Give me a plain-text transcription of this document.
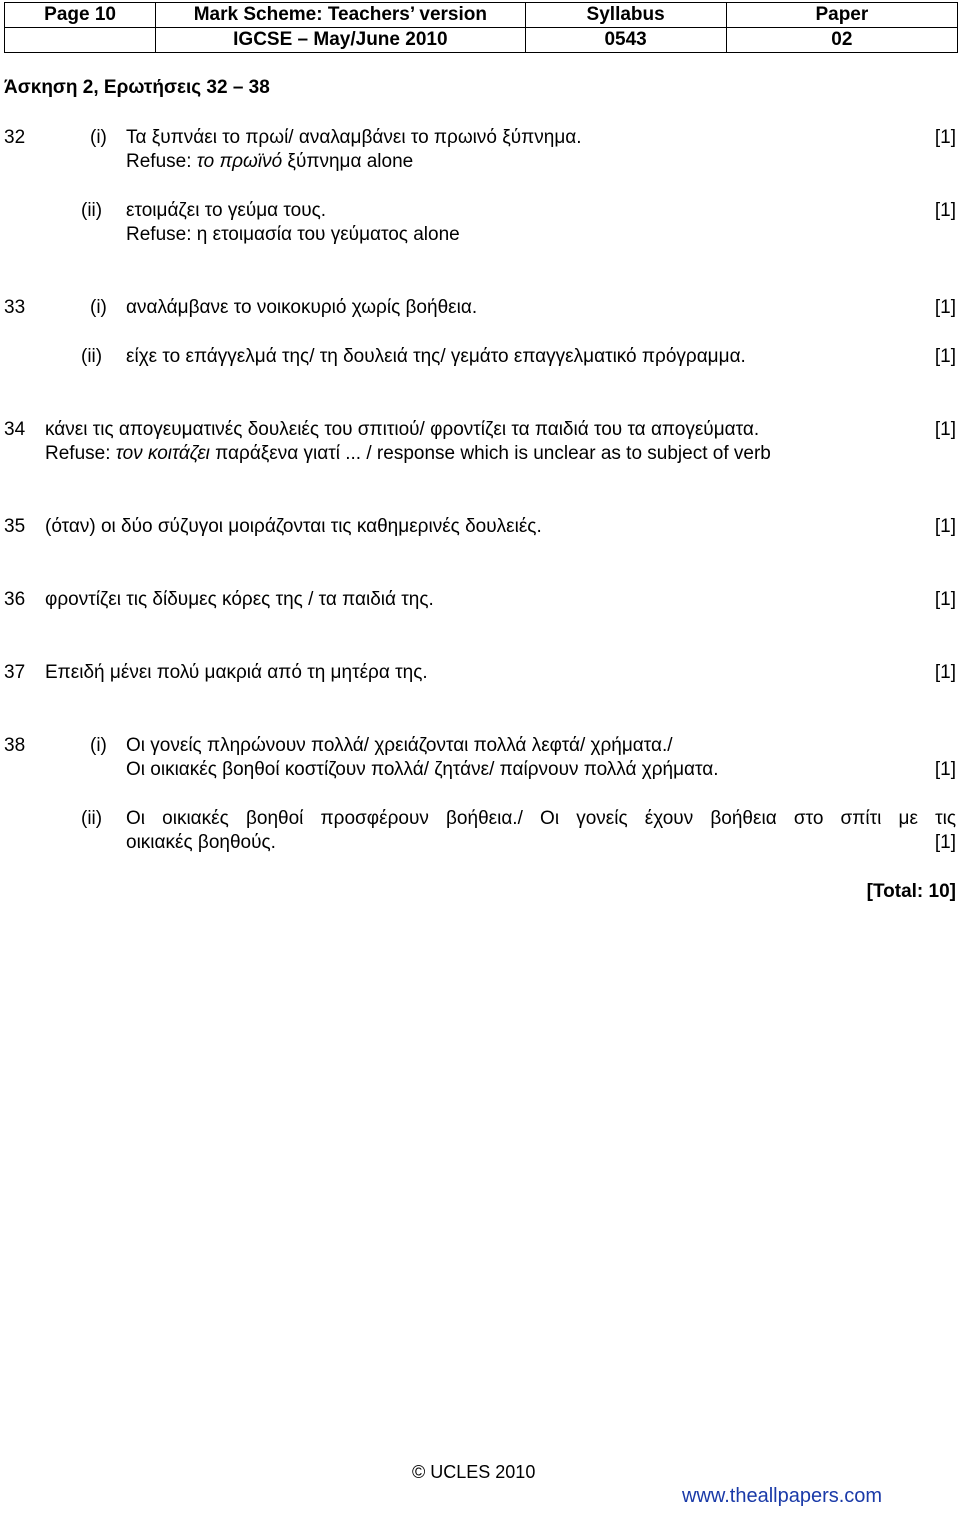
Page 10	Mark Scheme: Teachers’ version	Syllabus	Paper
	IGCSE – May/June 2010	0543	02
Άσκηση 2, Ερωτήσεις 32 – 38
32	(i) Τα ξυπνάει το πρωί/ αναλαμβάνει το πρωινό ξύπνημα.	[1]
Refuse: το πρωϊνό ξύπνημα alone
(ii) ετοιμάζει το γεύμα τους.	[1]
Refuse: η ετοιμασία του γεύματος alone
33	(i) αναλάμβανε το νοικοκυριό χωρίς βοήθεια.	[1]
(ii) είχε το επάγγελμά της/ τη δουλειά της/ γεμάτο επαγγελματικό πρόγραμμα.	[1]
34 κάνει τις απογευματινές δουλειές του σπιτιού/ φροντίζει τα παιδιά του τα απογεύματα.	[1]
Refuse: τον κοιτάζει παράξενα γιατί ... / response which is unclear as to subject of verb
35 (όταν) οι δύο σύζυγοι μοιράζονται τις καθημερινές δουλειές.	[1]
36 φροντίζει τις δίδυμες κόρες της / τα παιδιά της.	[1]
37 Επειδή μένει πολύ μακριά από τη μητέρα της.	[1]
38	(i) Οι γονείς πληρώνουν πολλά/ χρειάζονται πολλά λεφτά/ χρήματα./
Οι οικιακές βοηθοί κοστίζουν πολλά/ ζητάνε/ παίρνουν πολλά χρήματα.	[1]
(ii) Οι οικιακές βοηθοί προσφέρουν βοήθεια./ Οι γονείς έχουν βοήθεια στο σπίτι με τις
οικιακές βοηθούς.	[1]
[Total: 10]
© UCLES 2010
www.theallpapers.com
